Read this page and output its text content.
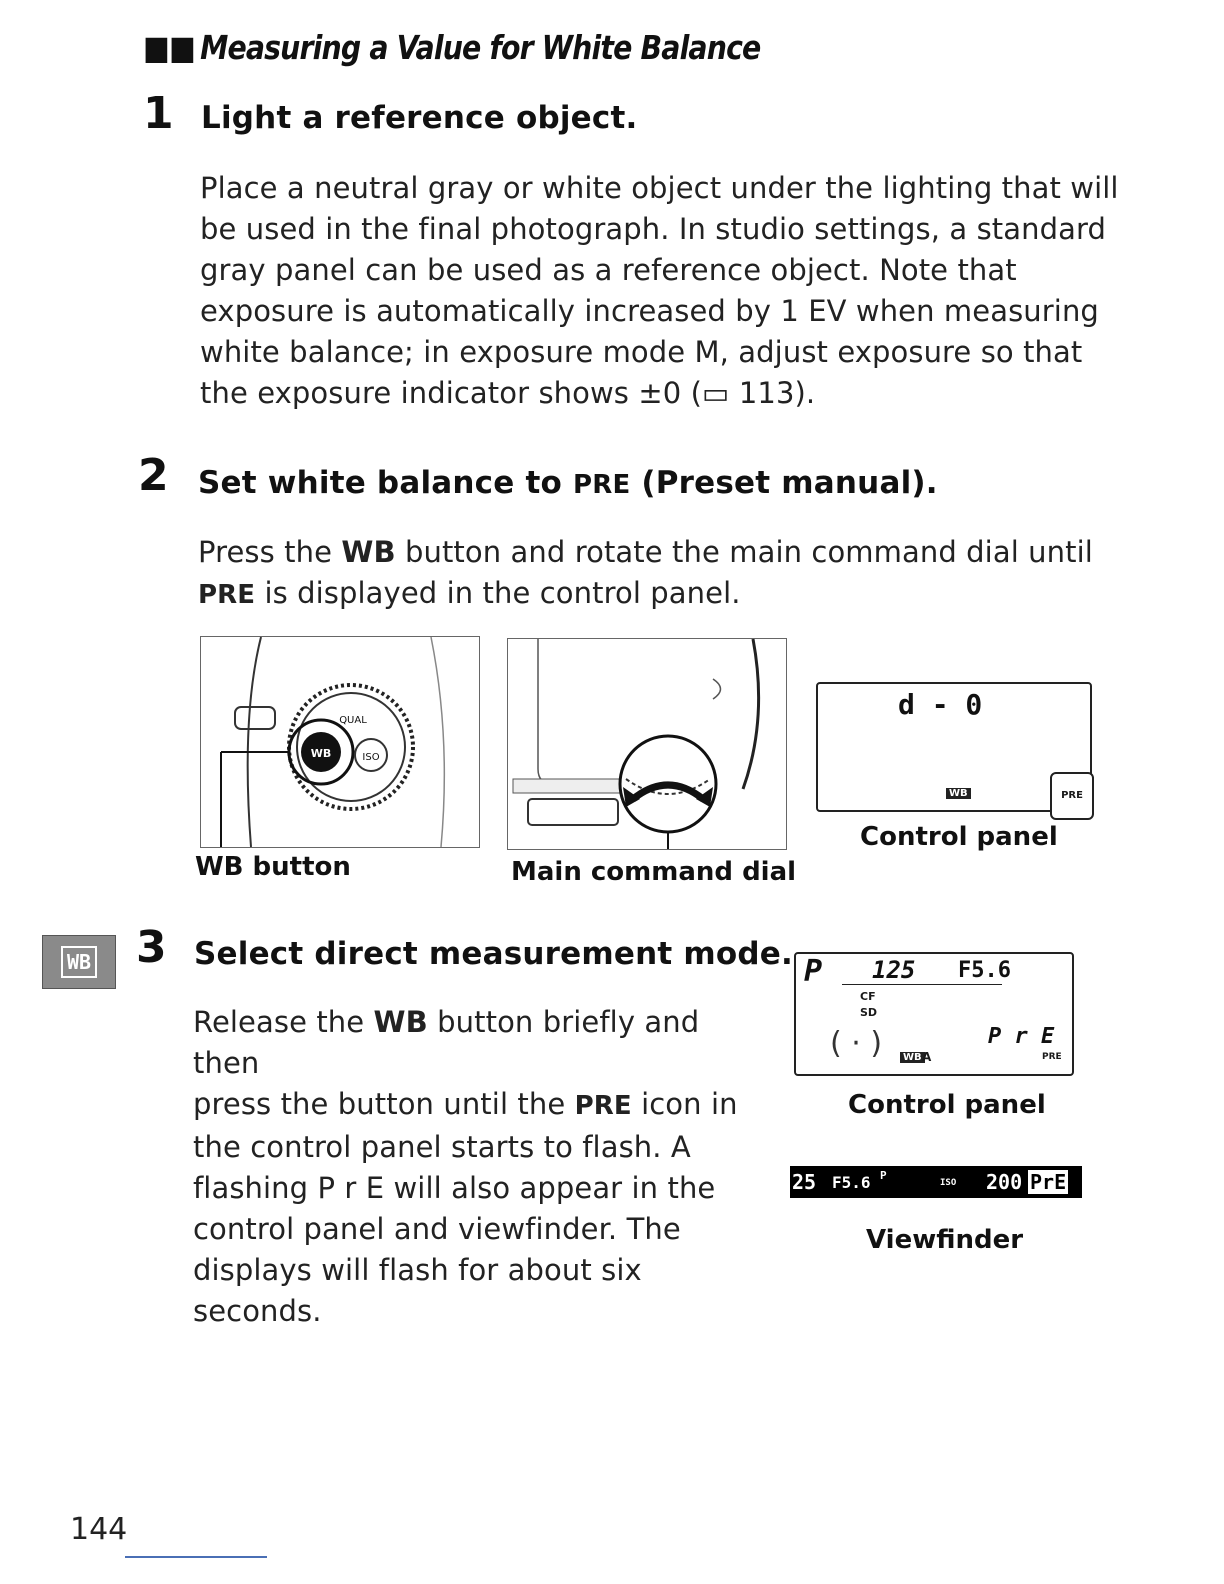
■■ Measuring a Value for White Balance
1 Light a reference object.

Place a neutral gray or white object under the lighting that will

be used in the final photograph. In studio settings, a standard

gray panel can be used as a reference object. Note that

exposure is automatically increased by 1 EV when measuring

white balance; in exposure mode M, adjust exposure so that

the exposure indicator shows ±0 (▭ 113).

2 Set white balance to PRE (Preset manual).

Press the WB button and rotate the main command dial until

PRE is displayed in the control panel.

WB	ISO
QUAL
WB button	Main command dial
d - 0
WB	PRE
Control panel
WB 3 Select direct measurement mode.

Release the WB button briefly and then

press the button until the PRE icon in

the control panel starts to flash. A

flashing P r E will also appear in the

control panel and viewfinder. The

displays will flash for about six seconds.

P 125 F5.6
CF
SD
( · )	WB A
P r E
PRE
Control panel
25 F5.6 P
ISO 200 PrE
Viewfinder
144
